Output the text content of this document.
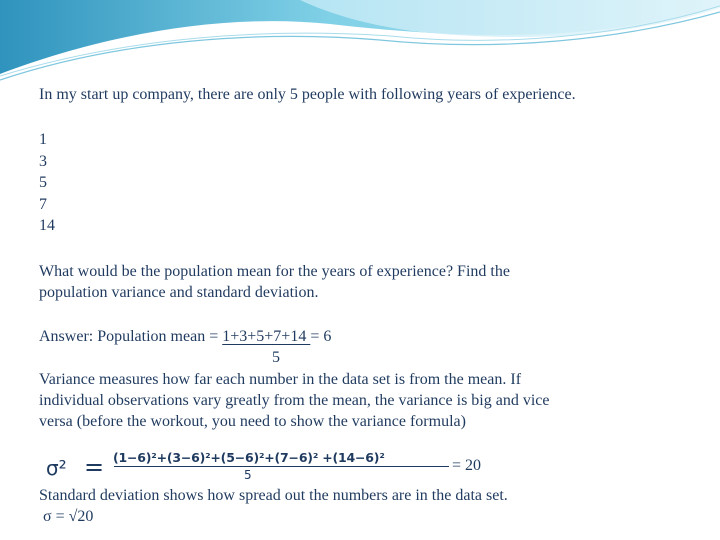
In my start up company, there are only 5 people with following years of experience.
1
3
5
7
14
What would be the population mean for the years of experience? Find the
population variance and standard deviation.
Answer: Population mean = 1+3+5+7+14 = 6
5
Variance measures how far each number in the data set is from the mean. If
individual observations vary greatly from the mean, the variance is big and vice
versa (before the workout, you need to show the variance formula)
σ² = (1−6)²+(3−6)²+(5−6)²+(7−6)² +(14−6)²
5
= 20
Standard deviation shows how spread out the numbers are in the data set.
σ = √20
